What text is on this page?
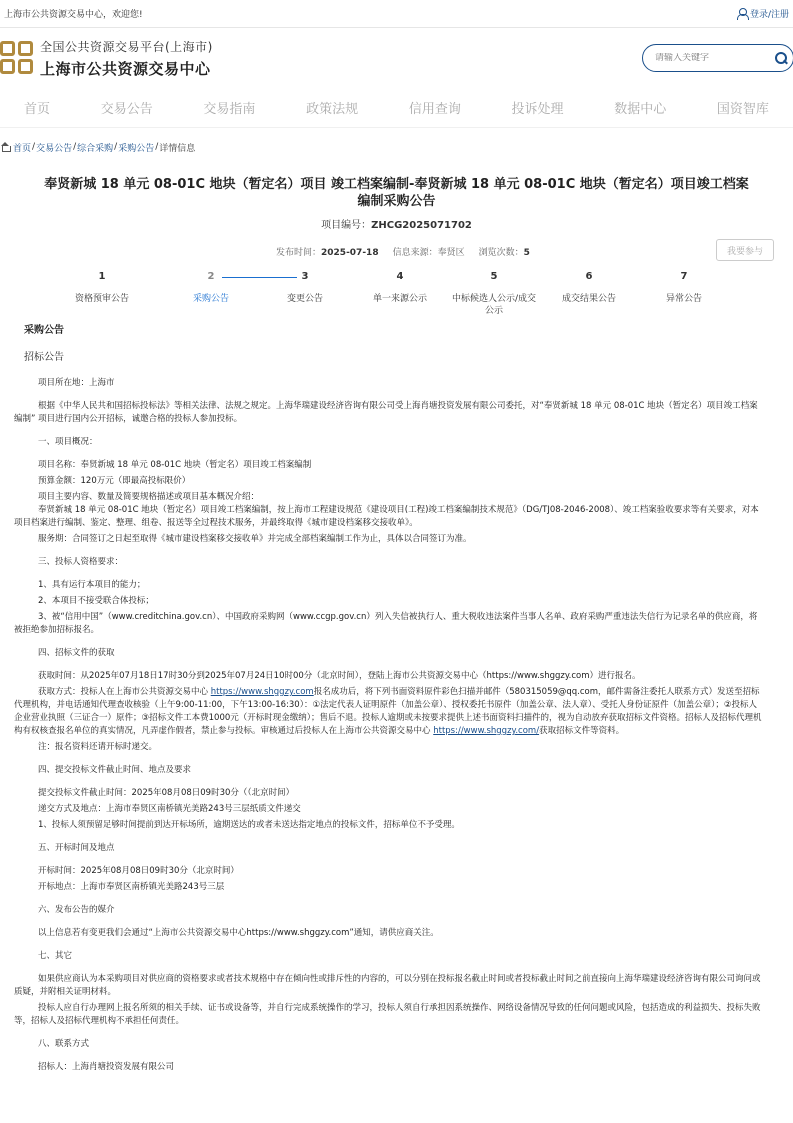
上海市公共资源交易中心，欢迎您!	登录/注册
全国公共资源交易平台(上海市)
上海市公共资源交易中心
请输入关键字
首页	交易公告	交易指南	政策法规	信用查询	投诉处理	数据中心	国资智库
首页 / 交易公告 / 综合采购 / 采购公告 / 详情信息
奉贤新城 18 单元 08-01C 地块（暂定名）项目 竣工档案编制-奉贤新城 18 单元 08-01C 地块（暂定名）项目竣工档案编制采购公告
项目编号：ZHCG2025071702
发布时间：2025-07-18 信息来源：奉贤区 浏览次数：5	我要参与
1
资格预审公告
2
采购公告
3
变更公告
4
单一来源公示
5
中标候选人公示/成交公示
6
成交结果公告
7
异常公告
采购公告
招标公告

项目所在地：上海市

根据《中华人民共和国招标投标法》等相关法律、法规之规定。上海华瑞建设经济咨询有限公司受上海肖塘投资发展有限公司委托，对“奉贤新城 18 单元 08-01C 地块（暂定名）项目竣工档案编制” 项目进行国内公开招标，诚邀合格的投标人参加投标。

一、项目概况：

项目名称：奉贤新城 18 单元 08-01C 地块（暂定名）项目竣工档案编制

预算金额：120万元（即最高投标限价）

项目主要内容、数量及简要规格描述或项目基本概况介绍：

奉贤新城 18 单元 08-01C 地块（暂定名）项目竣工档案编制，按上海市工程建设规范《建设项目(工程)竣工档案编制技术规范》（DG/TJ08-2046-2008）、竣工档案验收要求等有关要求，对本项目档案进行编制、鉴定、整理、组卷、报送等全过程技术服务，并最终取得《城市建设档案移交接收单》。

服务期：合同签订之日起至取得《城市建设档案移交接收单》并完成全部档案编制工作为止，具体以合同签订为准。

三、投标人资格要求：

1、具有运行本项目的能力；

2、本项目不接受联合体投标；

3、被“信用中国”（www.creditchina.gov.cn）、中国政府采购网（www.ccgp.gov.cn）列入失信被执行人、重大税收违法案件当事人名单、政府采购严重违法失信行为记录名单的供应商，将被拒绝参加招标报名。

四、招标文件的获取

获取时间：从2025年07月18日17时30分到2025年07月24日10时00分（北京时间），登陆上海市公共资源交易中心（https://www.shggzy.com）进行报名。

获取方式：投标人在上海市公共资源交易中心 https://www.shggzy.com报名成功后，将下列书面资料原件彩色扫描并邮件（580315059@qq.com，邮件需备注委托人联系方式）发送至招标代理机构，并电话通知代理查收核验（上午9:00-11:00，下午13:00-16:30）：①法定代表人证明原件（加盖公章）、授权委托书原件（加盖公章、法人章）、受托人身份证原件（加盖公章）；②投标人企业营业执照（三证合一）原件；③招标文件工本费1000元（开标时现金缴纳）；售后不退。投标人逾期或未按要求提供上述书面资料扫描件的，视为自动放弃获取招标文件资格。招标人及招标代理机构有权核查报名单位的真实情况，凡弄虚作假者，禁止参与投标。审核通过后投标人在上海市公共资源交易中心 https://www.shggzy.com/获取招标文件等资料。

注：报名资料还请开标时递交。

四、提交投标文件截止时间、地点及要求

提交投标文件截止时间：2025年08月08日09时30分（（北京时间）

递交方式及地点：上海市奉贤区南桥镇光美路243号三层纸质文件递交

1、投标人须预留足够时间提前到达开标场所，逾期送达的或者未送达指定地点的投标文件，招标单位不予受理。

五、开标时间及地点

开标时间：2025年08月08日09时30分（北京时间）

开标地点：上海市奉贤区南桥镇光美路243号三层

六、发布公告的媒介

以上信息若有变更我们会通过“上海市公共资源交易中心https://www.shggzy.com”通知，请供应商关注。

七、其它

如果供应商认为本采购项目对供应商的资格要求或者技术规格中存在倾向性或排斥性的内容的，可以分别在投标报名截止时间或者投标截止时间之前直接向上海华瑞建设经济咨询有限公司询问或质疑，并附相关证明材料。

投标人应自行办理网上报名所须的相关手续、证书或设备等，并自行完成系统操作的学习，投标人须自行承担因系统操作、网络设备情况导致的任何问题或风险，包括造成的利益损失、投标失败等，招标人及招标代理机构不承担任何责任。

八、联系方式

招标人：上海肖塘投资发展有限公司
